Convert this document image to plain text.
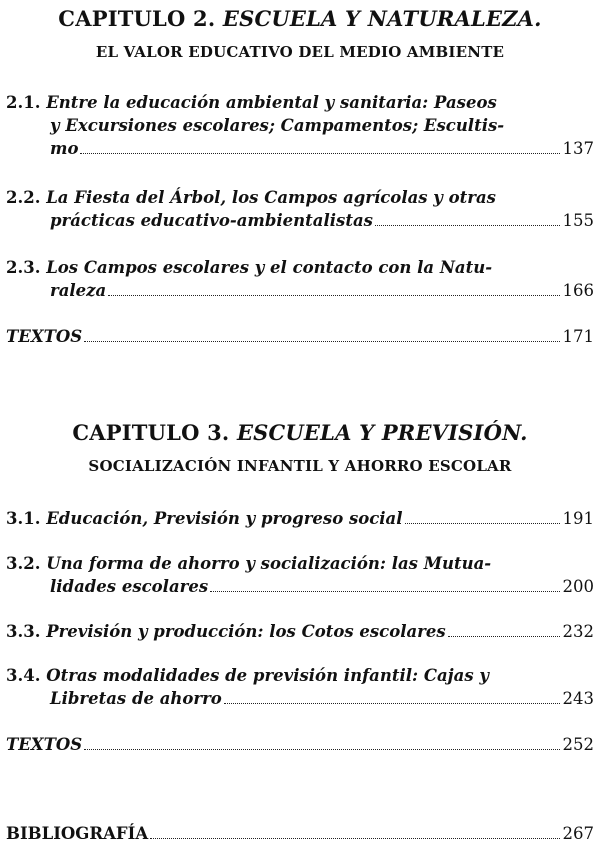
CAPITULO 2. ESCUELA Y NATURALEZA.
EL VALOR EDUCATIVO DEL MEDIO AMBIENTE
2.1.
Entre la educación ambiental y sanitaria: Paseos
y Excursiones escolares; Campamentos; Escultis-
mo	137
2.2.
La Fiesta del Árbol, los Campos agrícolas y otras
prácticas educativo-ambientalistas	155
2.3.
Los Campos escolares y el contacto con la Natu-
raleza	166
TEXTOS	171
CAPITULO 3. ESCUELA Y PREVISIÓN.
SOCIALIZACIÓN INFANTIL Y AHORRO ESCOLAR
3.1.
Educación, Previsión y progreso social	191
3.2.
Una forma de ahorro y socialización: las Mutua-
lidades escolares	200
3.3.
Previsión y producción: los Cotos escolares	232
3.4.
Otras modalidades de previsión infantil: Cajas y
Libretas de ahorro	243
TEXTOS	252
BIBLIOGRAFÍA	267
